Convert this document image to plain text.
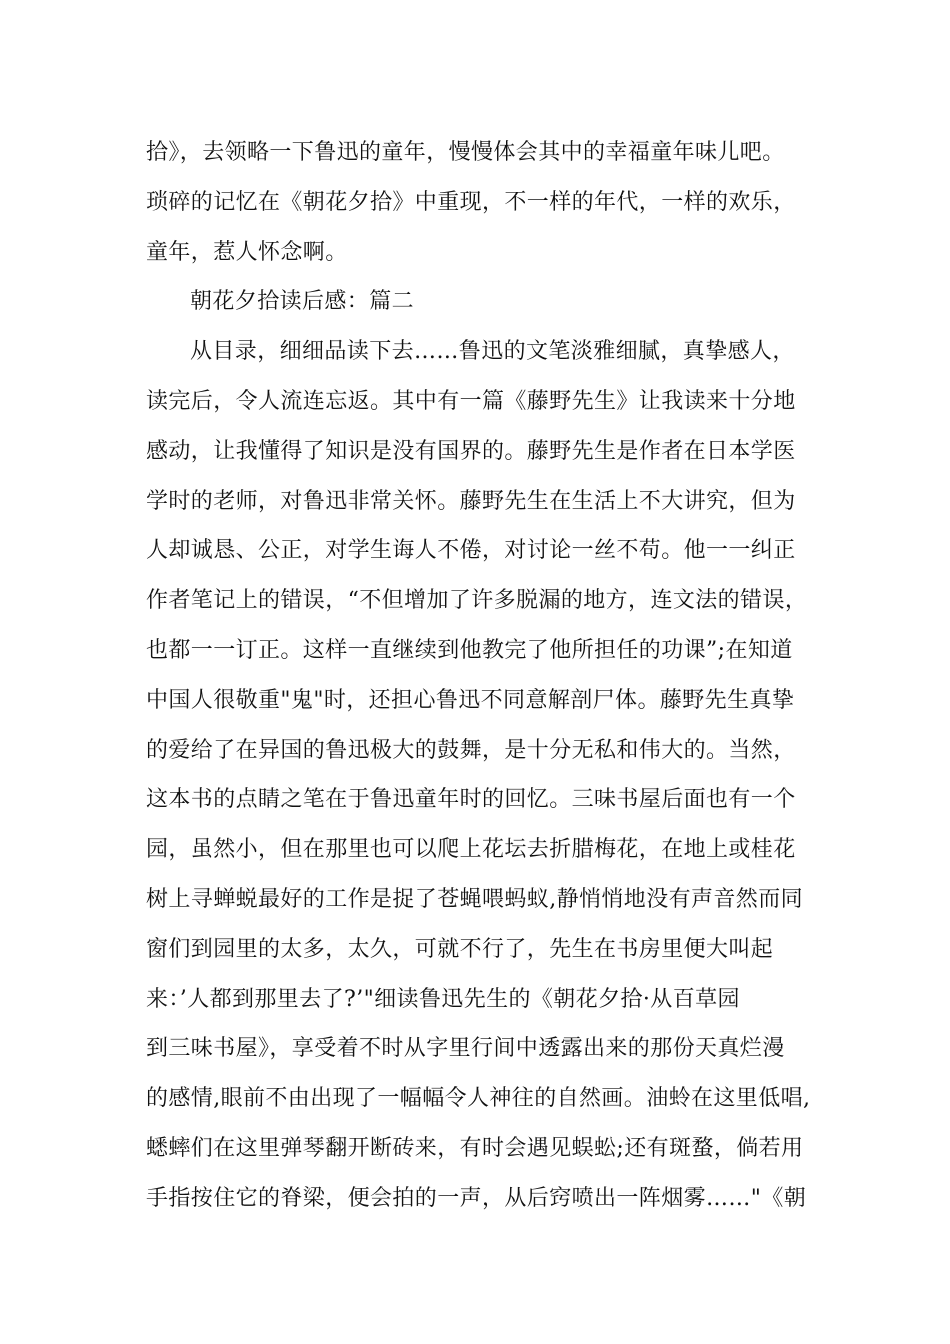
拾》，去领略一下鲁迅的童年，慢慢体会其中的幸福童年味儿吧。
琐碎的记忆在《朝花夕拾》中重现，不一样的年代，一样的欢乐，
童年，惹人怀念啊。
朝花夕拾读后感：篇二
从目录，细细品读下去……鲁迅的文笔淡雅细腻，真挚感人，
读完后，令人流连忘返。其中有一篇《藤野先生》让我读来十分地
感动，让我懂得了知识是没有国界的。藤野先生是作者在日本学医
学时的老师，对鲁迅非常关怀。藤野先生在生活上不大讲究，但为
人却诚恳、公正，对学生诲人不倦，对讨论一丝不苟。他一一纠正
作者笔记上的错误，“不但增加了许多脱漏的地方，连文法的错误，
也都一一订正。这样一直继续到他教完了他所担任的功课”;在知道
中国人很敬重"鬼"时，还担心鲁迅不同意解剖尸体。藤野先生真挚
的爱给了在异国的鲁迅极大的鼓舞，是十分无私和伟大的。当然，
这本书的点睛之笔在于鲁迅童年时的回忆。三味书屋后面也有一个
园，虽然小，但在那里也可以爬上花坛去折腊梅花，在地上或桂花
树上寻蝉蜕最好的工作是捉了苍蝇喂蚂蚁,静悄悄地没有声音然而同
窗们到园里的太多，太久，可就不行了，先生在书房里便大叫起
来：’人都到那里去了?’"细读鲁迅先生的《朝花夕拾·从百草园
到三味书屋》，享受着不时从字里行间中透露出来的那份天真烂漫
的感情,眼前不由出现了一幅幅令人神往的自然画。油蛉在这里低唱,
蟋蟀们在这里弹琴翻开断砖来，有时会遇见蜈蚣;还有斑蝥，倘若用
手指按住它的脊梁，便会拍的一声，从后窍喷出一阵烟雾……"《朝
